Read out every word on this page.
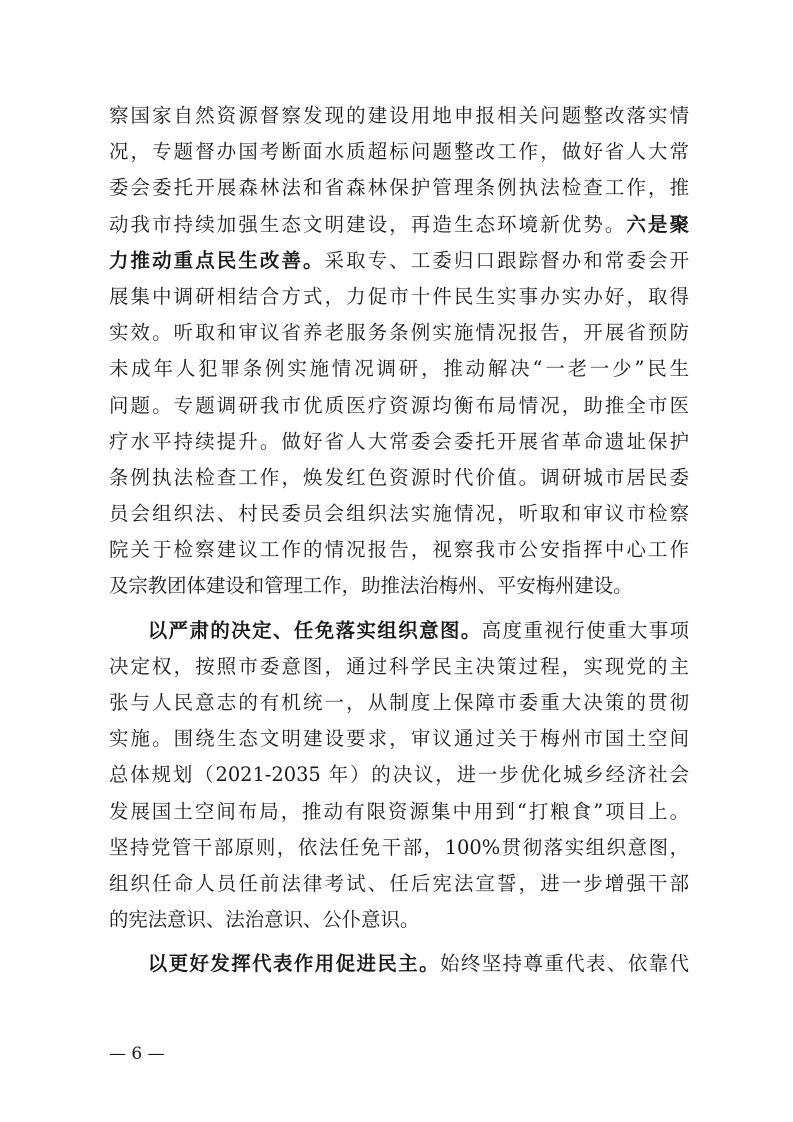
察国家自然资源督察发现的建设用地申报相关问题整改落实情
况，专题督办国考断面水质超标问题整改工作，做好省人大常
委会委托开展森林法和省森林保护管理条例执法检查工作，推
动我市持续加强生态文明建设，再造生态环境新优势。六是聚
力推动重点民生改善。采取专、工委归口跟踪督办和常委会开
展集中调研相结合方式，力促市十件民生实事办实办好，取得
实效。听取和审议省养老服务条例实施情况报告，开展省预防
未成年人犯罪条例实施情况调研，推动解决“一老一少”民生
问题。专题调研我市优质医疗资源均衡布局情况，助推全市医
疗水平持续提升。做好省人大常委会委托开展省革命遗址保护
条例执法检查工作，焕发红色资源时代价值。调研城市居民委
员会组织法、村民委员会组织法实施情况，听取和审议市检察
院关于检察建议工作的情况报告，视察我市公安指挥中心工作
及宗教团体建设和管理工作，助推法治梅州、平安梅州建设。
以严肃的决定、任免落实组织意图。高度重视行使重大事项
决定权，按照市委意图，通过科学民主决策过程，实现党的主
张与人民意志的有机统一，从制度上保障市委重大决策的贯彻
实施。围绕生态文明建设要求，审议通过关于梅州市国土空间
总体规划（2021-2035 年）的决议，进一步优化城乡经济社会
发展国土空间布局，推动有限资源集中用到“打粮食”项目上。
坚持党管干部原则，依法任免干部，100%贯彻落实组织意图，
组织任命人员任前法律考试、任后宪法宣誓，进一步增强干部
的宪法意识、法治意识、公仆意识。
以更好发挥代表作用促进民主。始终坚持尊重代表、依靠代
— 6 —
